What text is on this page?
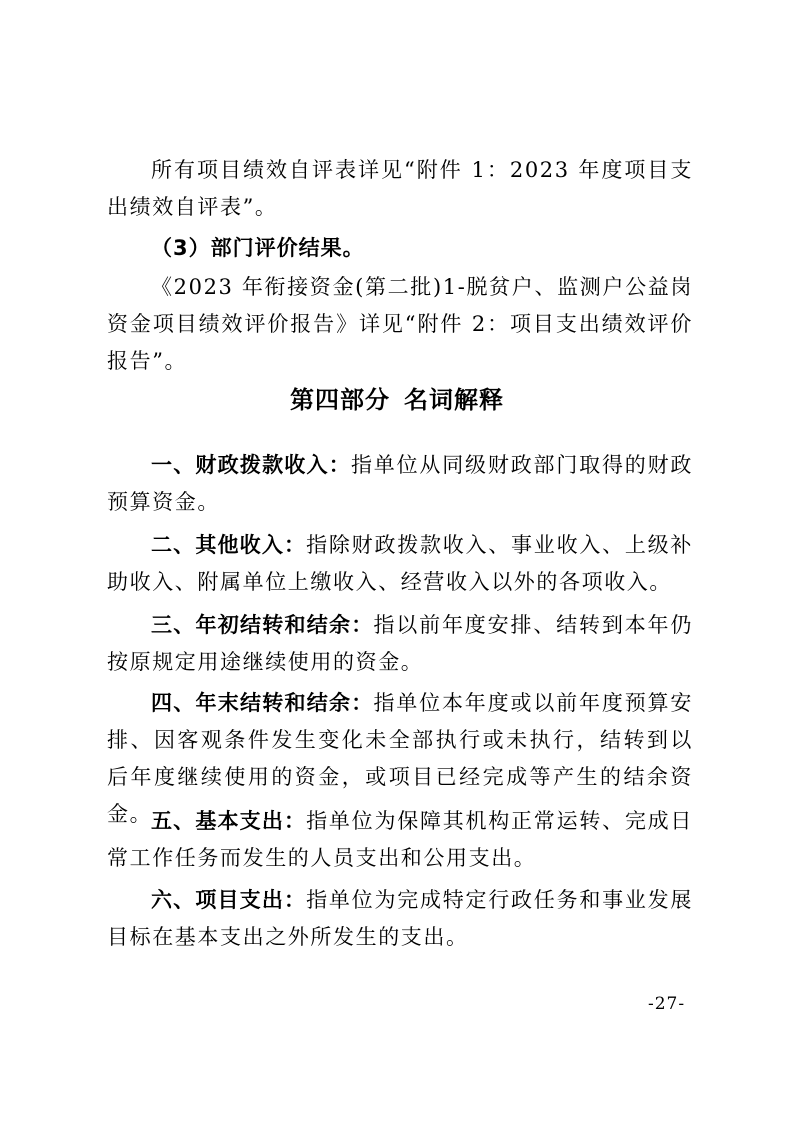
所有项目绩效自评表详见“附件 1：2023 年度项目支出绩效自评表”。

（3）部门评价结果。

《2023 年衔接资金(第二批)1-脱贫户、监测户公益岗资金项目绩效评价报告》详见“附件 2：项目支出绩效评价报告”。

第四部分 名词解释

一、财政拨款收入：指单位从同级财政部门取得的财政预算资金。

二、其他收入：指除财政拨款收入、事业收入、上级补助收入、附属单位上缴收入、经营收入以外的各项收入。

三、年初结转和结余：指以前年度安排、结转到本年仍按原规定用途继续使用的资金。

四、年末结转和结余：指单位本年度或以前年度预算安排、因客观条件发生变化未全部执行或未执行，结转到以后年度继续使用的资金，或项目已经完成等产生的结余资金。

五、基本支出：指单位为保障其机构正常运转、完成日常工作任务而发生的人员支出和公用支出。

六、项目支出：指单位为完成特定行政任务和事业发展目标在基本支出之外所发生的支出。

-27-
